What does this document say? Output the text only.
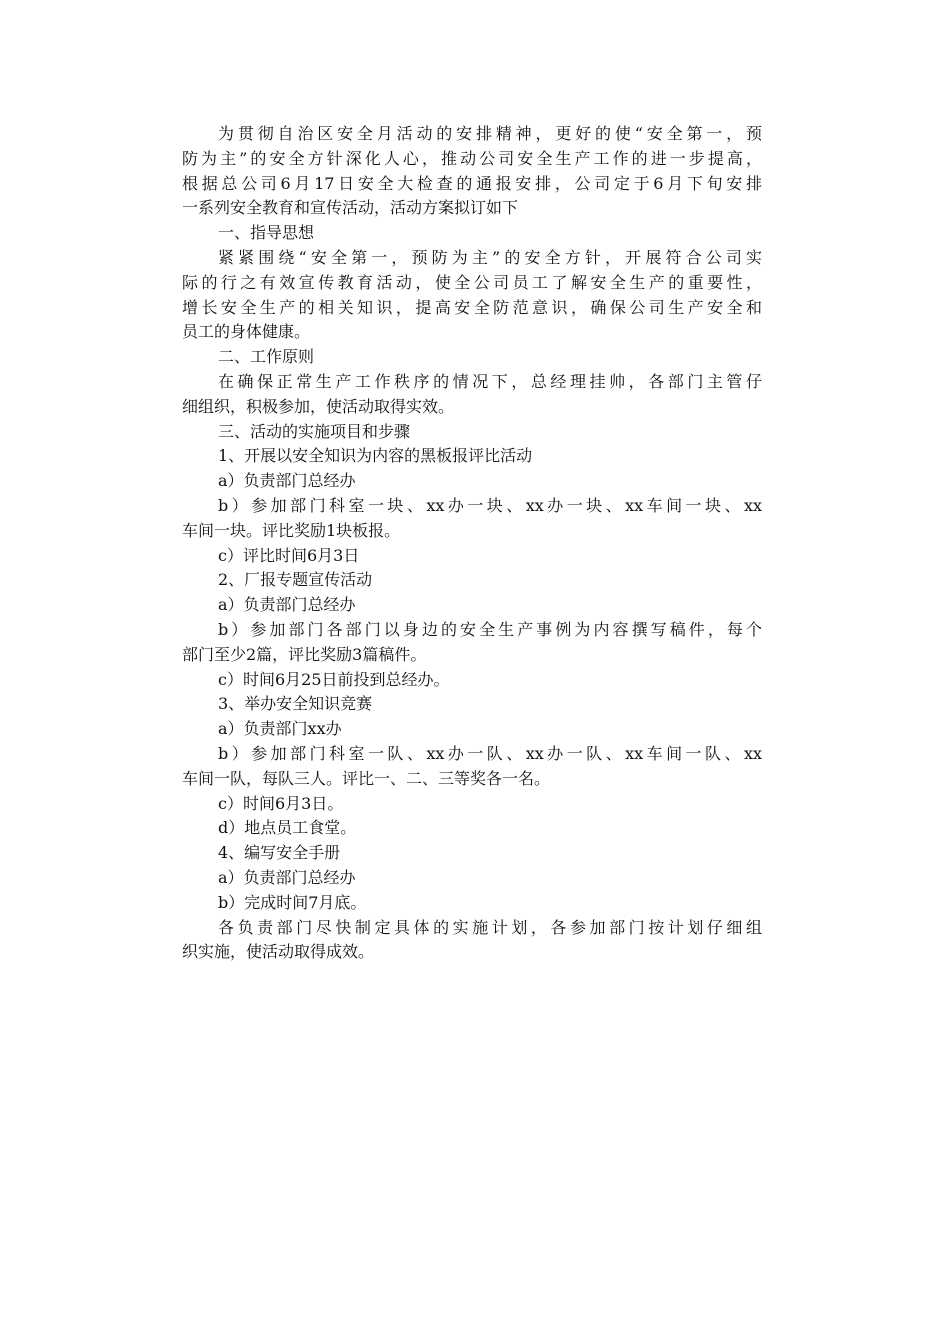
为贯彻自治区安全月活动的安排精神，更好的使“安全第一，预
防为主”的安全方针深化人心，推动公司安全生产工作的进一步提高，
根据总公司6月17日安全大检查的通报安排，公司定于6月下旬安排
一系列安全教育和宣传活动，活动方案拟订如下
一、指导思想
紧紧围绕“安全第一，预防为主”的安全方针，开展符合公司实
际的行之有效宣传教育活动，使全公司员工了解安全生产的重要性，
增长安全生产的相关知识，提高安全防范意识，确保公司生产安全和
员工的身体健康。
二、工作原则
在确保正常生产工作秩序的情况下，总经理挂帅，各部门主管仔
细组织，积极参加，使活动取得实效。
三、活动的实施项目和步骤
1、开展以安全知识为内容的黑板报评比活动
a）负责部门总经办
b）参加部门科室一块、xx办一块、xx办一块、xx车间一块、xx
车间一块。评比奖励1块板报。
c）评比时间6月3日
2、厂报专题宣传活动
a）负责部门总经办
b）参加部门各部门以身边的安全生产事例为内容撰写稿件，每个
部门至少2篇，评比奖励3篇稿件。
c）时间6月25日前投到总经办。
3、举办安全知识竞赛
a）负责部门xx办
b）参加部门科室一队、xx办一队、xx办一队、xx车间一队、xx
车间一队，每队三人。评比一、二、三等奖各一名。
c）时间6月3日。
d）地点员工食堂。
4、编写安全手册
a）负责部门总经办
b）完成时间7月底。
各负责部门尽快制定具体的实施计划，各参加部门按计划仔细组
织实施，使活动取得成效。
